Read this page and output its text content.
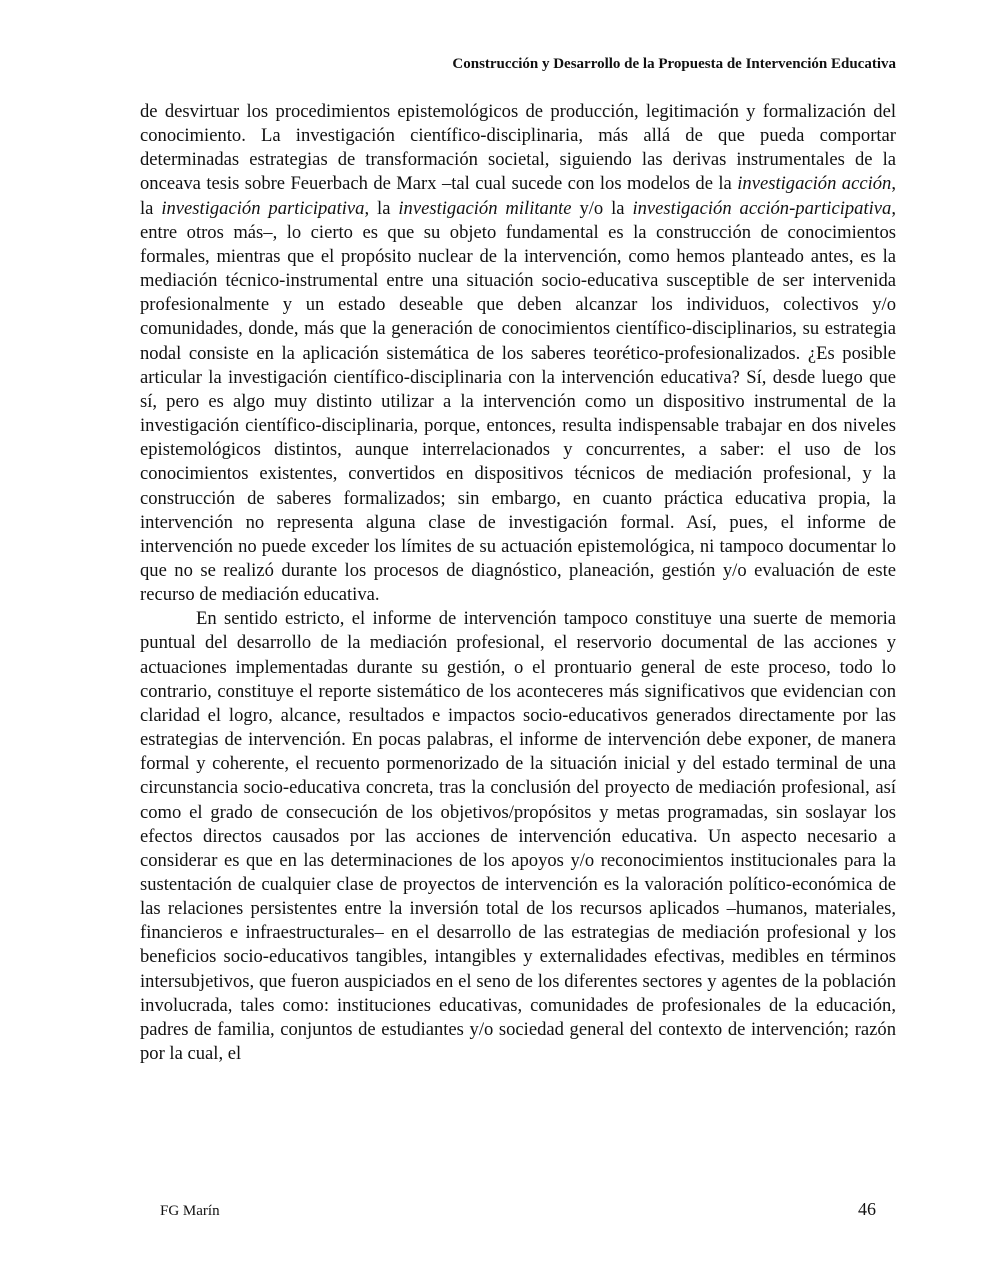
Construcción y Desarrollo de la Propuesta de Intervención Educativa

de desvirtuar los procedimientos epistemológicos de producción, legitimación y formalización del conocimiento. La investigación científico-disciplinaria, más allá de que pueda comportar determinadas estrategias de transformación societal, siguiendo las derivas instrumentales de la onceava tesis sobre Feuerbach de Marx –tal cual sucede con los modelos de la investigación acción, la investigación participativa, la investigación militante y/o la investigación acción-participativa, entre otros más–, lo cierto es que su objeto fundamental es la construcción de conocimientos formales, mientras que el propósito nuclear de la intervención, como hemos planteado antes, es la mediación técnico-instrumental entre una situación socio-educativa susceptible de ser intervenida profesionalmente y un estado deseable que deben alcanzar los individuos, colectivos y/o comunidades, donde, más que la generación de conocimientos científico-disciplinarios, su estrategia nodal consiste en la aplicación sistemática de los saberes teorético-profesionalizados. ¿Es posible articular la investigación científico-disciplinaria con la intervención educativa? Sí, desde luego que sí, pero es algo muy distinto utilizar a la intervención como un dispositivo instrumental de la investigación científico-disciplinaria, porque, entonces, resulta indispensable trabajar en dos niveles epistemológicos distintos, aunque interrelacionados y concurrentes, a saber: el uso de los conocimientos existentes, convertidos en dispositivos técnicos de mediación profesional, y la construcción de saberes formalizados; sin embargo, en cuanto práctica educativa propia, la intervención no representa alguna clase de investigación formal. Así, pues, el informe de intervención no puede exceder los límites de su actuación epistemológica, ni tampoco documentar lo que no se realizó durante los procesos de diagnóstico, planeación, gestión y/o evaluación de este recurso de mediación educativa.

En sentido estricto, el informe de intervención tampoco constituye una suerte de memoria puntual del desarrollo de la mediación profesional, el reservorio documental de las acciones y actuaciones implementadas durante su gestión, o el prontuario general de este proceso, todo lo contrario, constituye el reporte sistemático de los aconteceres más significativos que evidencian con claridad el logro, alcance, resultados e impactos socio-educativos generados directamente por las estrategias de intervención. En pocas palabras, el informe de intervención debe exponer, de manera formal y coherente, el recuento pormenorizado de la situación inicial y del estado terminal de una circunstancia socio-educativa concreta, tras la conclusión del proyecto de mediación profesional, así como el grado de consecución de los objetivos/propósitos y metas programadas, sin soslayar los efectos directos causados por las acciones de intervención educativa. Un aspecto necesario a considerar es que en las determinaciones de los apoyos y/o reconocimientos institucionales para la sustentación de cualquier clase de proyectos de intervención es la valoración político-económica de las relaciones persistentes entre la inversión total de los recursos aplicados –humanos, materiales, financieros e infraestructurales– en el desarrollo de las estrategias de mediación profesional y los beneficios socio-educativos tangibles, intangibles y externalidades efectivas, medibles en términos intersubjetivos, que fueron auspiciados en el seno de los diferentes sectores y agentes de la población involucrada, tales como: instituciones educativas, comunidades de profesionales de la educación, padres de familia, conjuntos de estudiantes y/o sociedad general del contexto de intervención; razón por la cual, el

FG Marín	46
